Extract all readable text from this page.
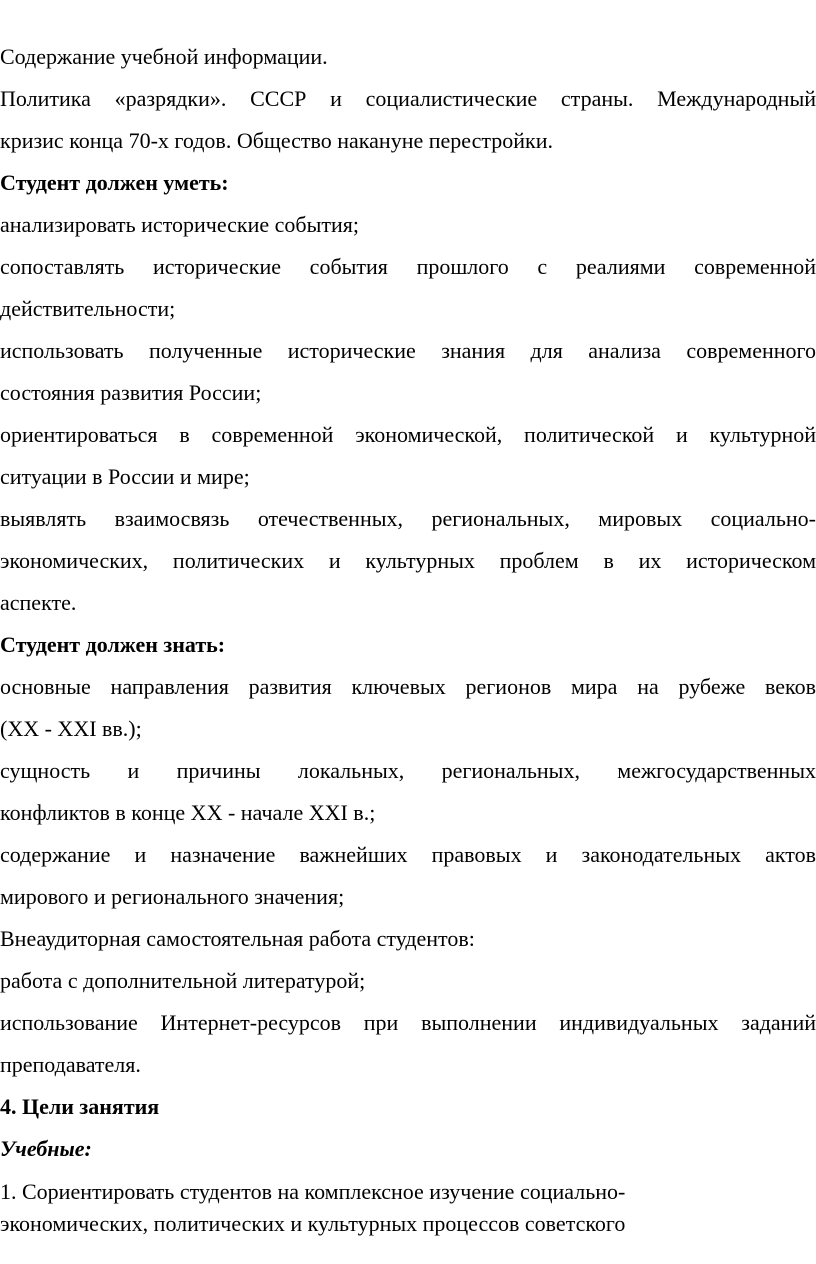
Содержание учебной информации.

Политика «разрядки». СССР и социалистические страны. Международный

кризис конца 70-х годов. Общество накануне перестройки.

Студент должен уметь:

анализировать исторические события;

сопоставлять исторические события прошлого с реалиями современной

действительности;

использовать полученные исторические знания для анализа современного

состояния развития России;

ориентироваться в современной экономической, политической и культурной

ситуации в России и мире;

выявлять взаимосвязь отечественных, региональных, мировых социально-

экономических, политических и культурных проблем в их историческом

аспекте.

Студент должен знать:

основные направления развития ключевых регионов мира на рубеже веков

(XX - XXI вв.);

сущность и причины локальных, региональных, межгосударственных

конфликтов в конце XX - начале XXI в.;

содержание и назначение важнейших правовых и законодательных актов

мирового и регионального значения;

Внеаудиторная самостоятельная работа студентов:

работа с дополнительной литературой;

использование Интернет-ресурсов при выполнении индивидуальных заданий

преподавателя.

4. Цели занятия

Учебные:

1. Сориентировать студентов на комплексное изучение социально-

экономических, политических и культурных процессов советского
